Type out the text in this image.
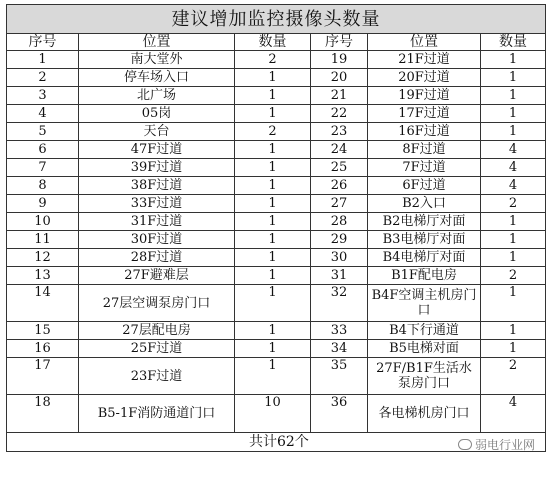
建议增加监控摄像头数量					
序号	位置	数量	序号	位置	数量
1	南大堂外	2	19	21F过道	1
2	停车场入口	1	20	20F过道	1
3	北广场	1	21	19F过道	1
4	05岗	1	22	17F过道	1
5	天台	2	23	16F过道	1
6	47F过道	1	24	8F过道	4
7	39F过道	1	25	7F过道	4
8	38F过道	1	26	6F过道	4
9	33F过道	1	27	B2入口	2
10	31F过道	1	28	B2电梯厅对面	1
11	30F过道	1	29	B3电梯厅对面	1
12	28F过道	1	30	B4电梯厅对面	1
13	27F避难层	1	31	B1F配电房	2
14	27层空调泵房门口	1	32	B4F空调主机房门口	1
15	27层配电房	1	33	B4下行通道	1
16	25F过道	1	34	B5电梯对面	1
17	23F过道	1	35	27F/B1F生活水泵房门口	2
18	B5-1F消防通道门口	10	36	各电梯机房门口	4
共计62个						弱电行业网
